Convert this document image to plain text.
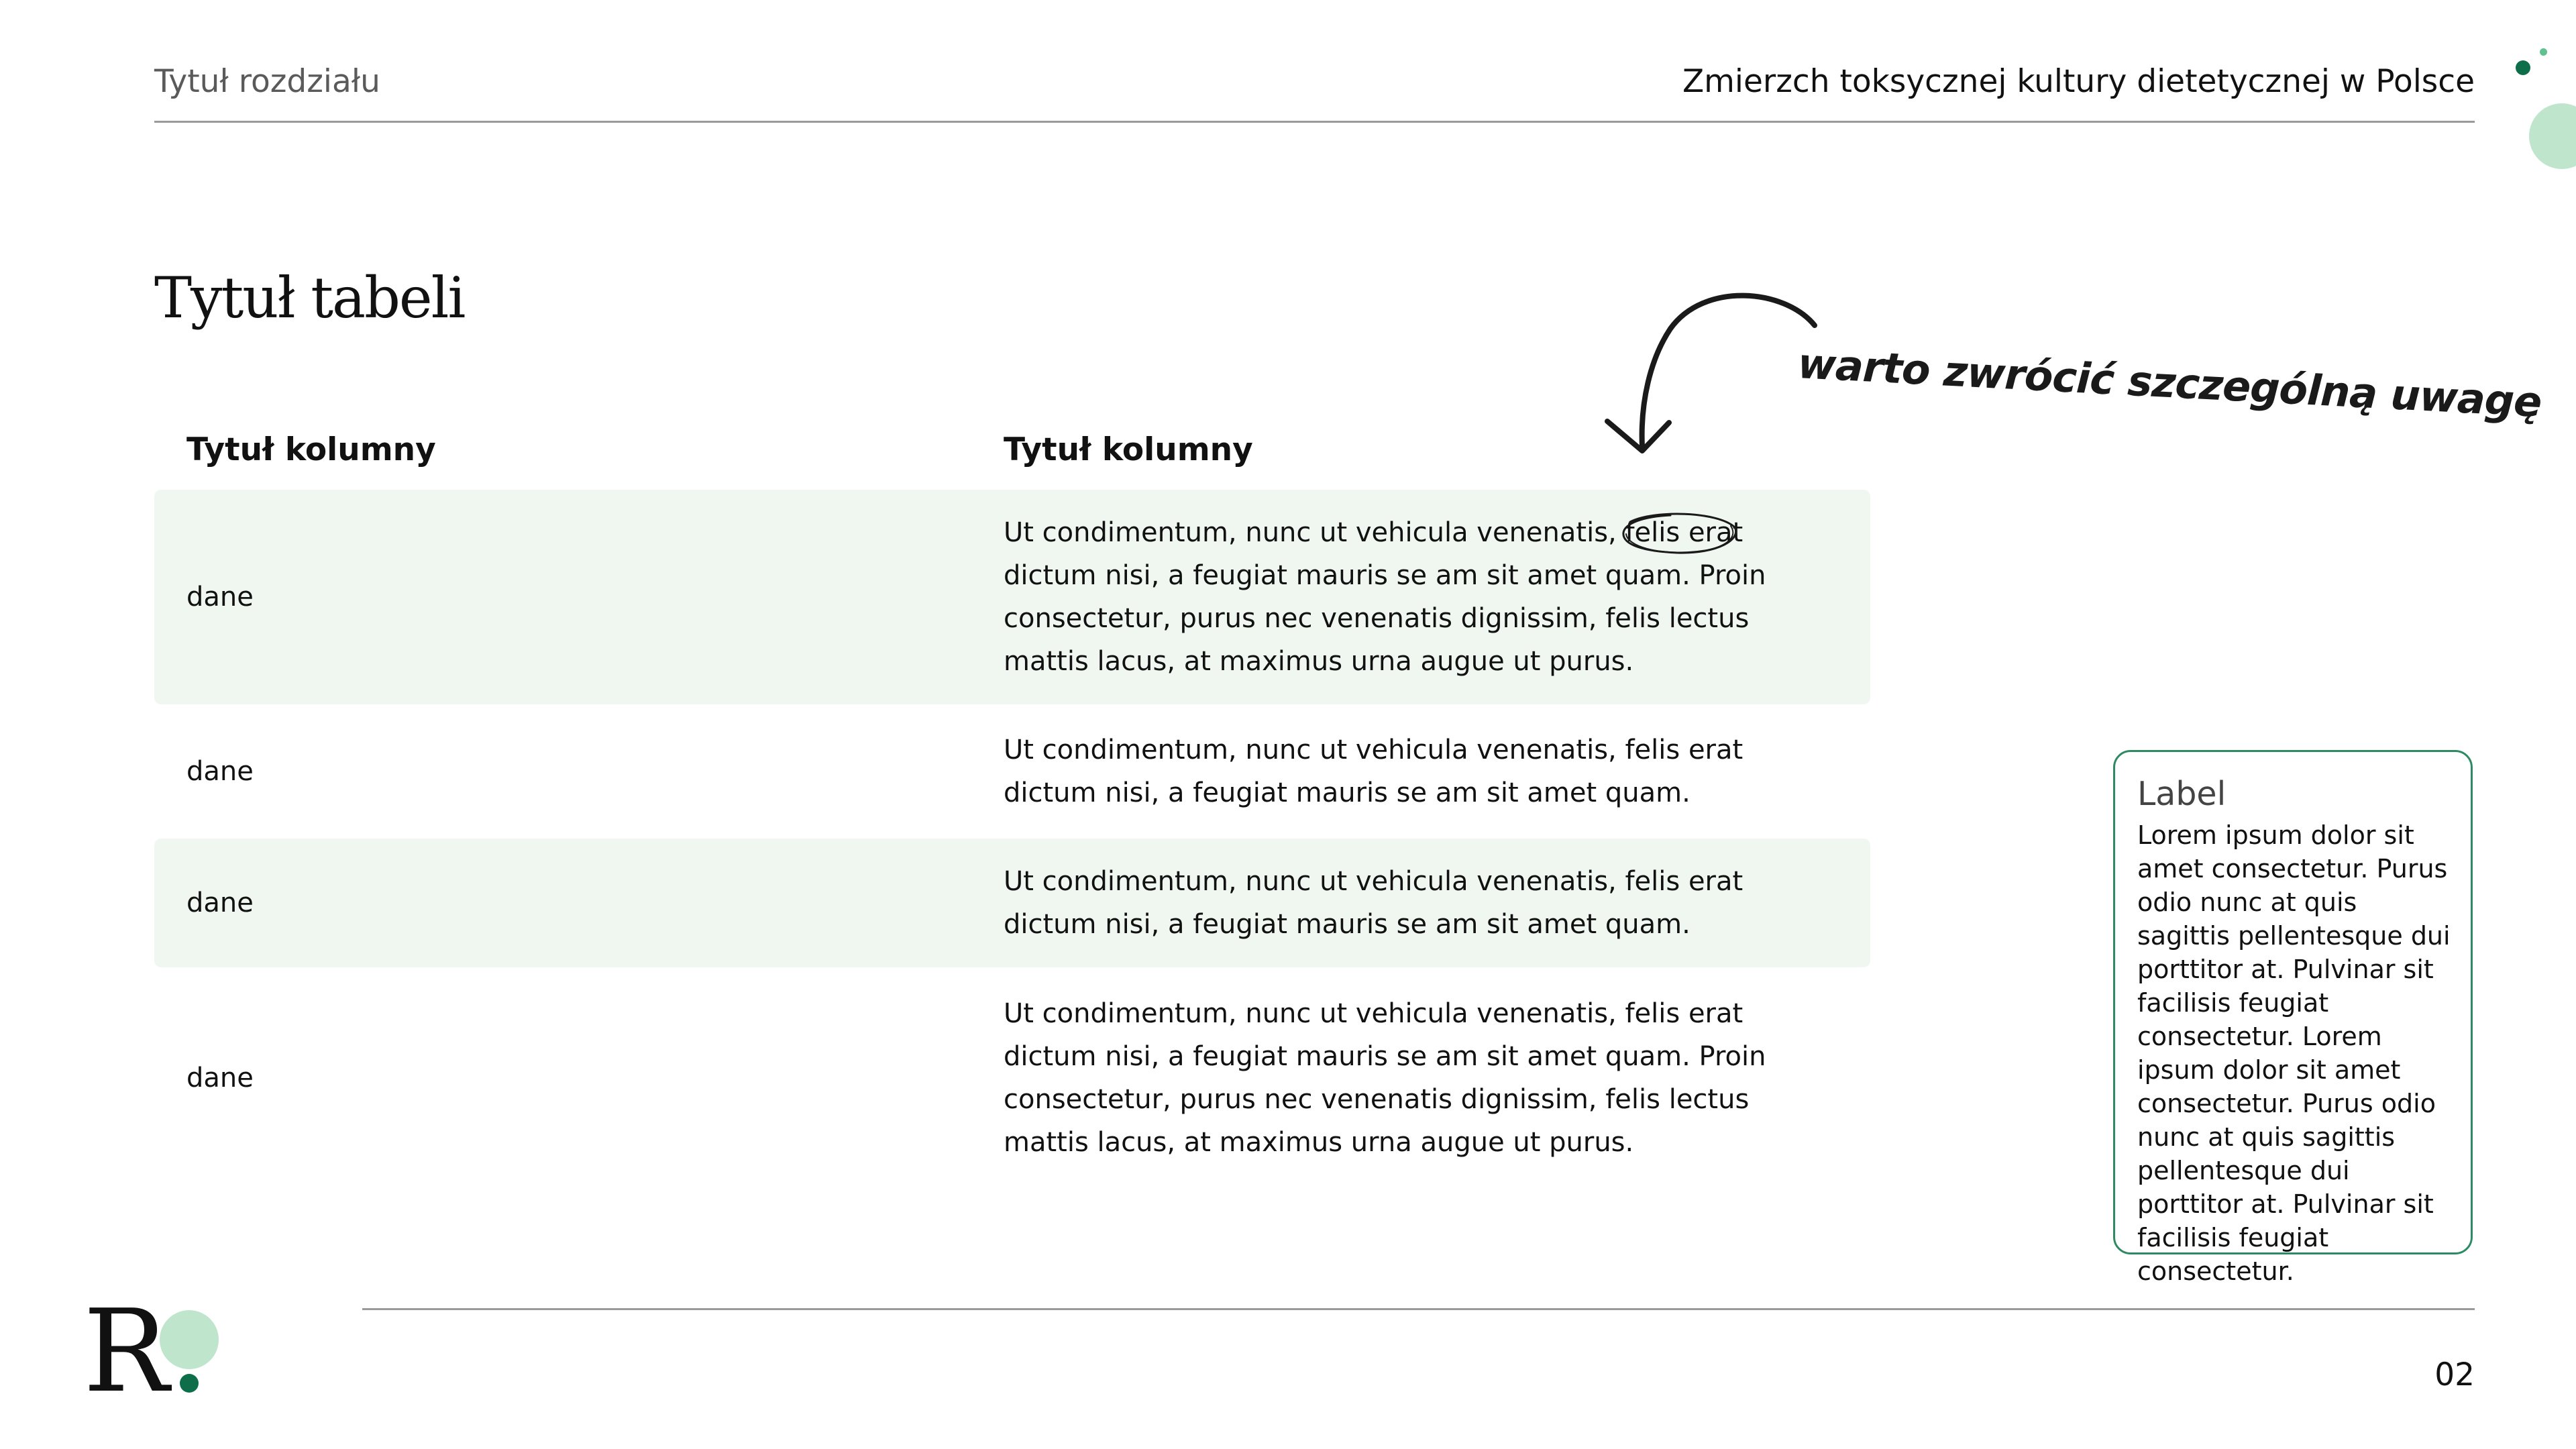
Tytuł rozdziału	Zmierzch toksycznej kultury dietetycznej w Polsce
Tytuł tabeli
Tytuł kolumny	Tytuł kolumny
dane
Ut condimentum, nunc ut vehicula venenatis, felis erat
dictum nisi, a feugiat mauris se am sit amet quam. Proin consectetur, purus nec venenatis dignissim, felis lectus mattis lacus, at maximus urna augue ut purus.
dane
Ut condimentum, nunc ut vehicula venenatis, felis erat dictum nisi, a feugiat mauris se am sit amet quam.
dane
Ut condimentum, nunc ut vehicula venenatis, felis erat dictum nisi, a feugiat mauris se am sit amet quam.
dane
Ut condimentum, nunc ut vehicula venenatis, felis erat dictum nisi, a feugiat mauris se am sit amet quam. Proin consectetur, purus nec venenatis dignissim, felis lectus mattis lacus, at maximus urna augue ut purus.
warto zwrócić szczególną uwagę
Label
Lorem ipsum dolor sit amet consectetur. Purus odio nunc at quis sagittis pellentesque dui porttitor at. Pulvinar sit facilisis feugiat consectetur. Lorem ipsum dolor sit amet consectetur. Purus odio nunc at quis sagittis pellentesque dui porttitor at. Pulvinar sit facilisis feugiat consectetur.
R	02
